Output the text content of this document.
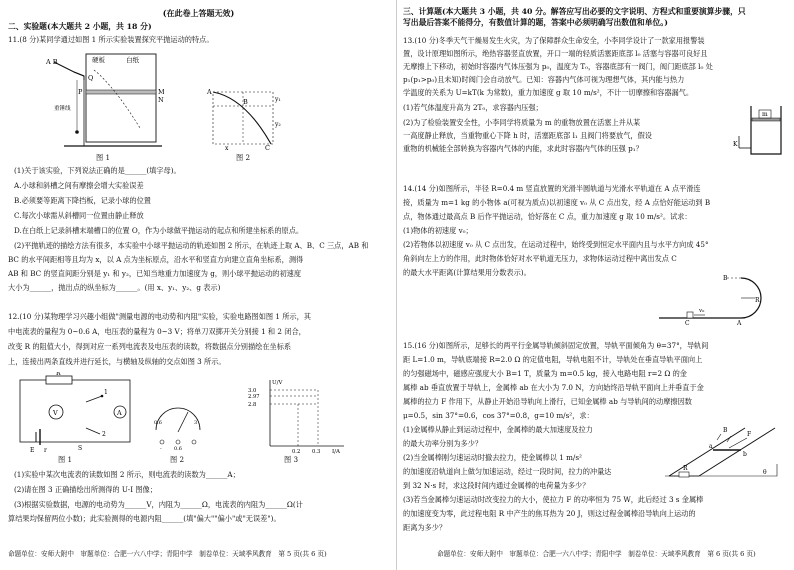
(在此卷上答题无效)
二、实验题(本大题共 2 小题，共 18 分)
11.(8 分)某同学通过如图 1 所示实验装置探究平抛运动的特点。
A B	硬板	白纸
P
Q
M
N
重锤线
图 1
A
B
C
y₁
y₂
x
图 2
(1)关于该实验，下列说法正确的是______(填字母)。
A.小球和斜槽之间有摩擦会增大实验误差
B.必须要等距离下降挡板，记录小球的位置
C.每次小球需从斜槽同一位置由静止释放
D.在白纸上记录斜槽末端槽口的位置 O，作为小球做平抛运动的起点和所建坐标系的原点。
(2)平抛轨迹的描绘方法有很多，本实验中小球平抛运动的轨迹如图 2 所示，在轨迹上取 A、B、C 三点，AB 和
BC 的水平间距相等且均为 x，以 A 点为坐标原点，沿水平和竖直方向建立直角坐标系，测得
AB 和 BC 的竖直间距分别是 y₁ 和 y₂，已知当地重力加速度为 g，则小球平抛运动的初速度
大小为______，抛出点的纵坐标为______。(用 x、y₁、y₂、g 表示)
12.(10 分)某物理学习兴趣小组做"测量电源的电动势和内阻"实验，实验电路图如图 1 所示，其
中电流表的量程为 0~0.6 A，电压表的量程为 0~3 V；将单刀双掷开关分别接 1 和 2 闭合，
改变 R 的阻值大小，得到对应一系列电流表及电压表的读数，将数据点分别描绘在坐标系
上，连接出两条直线并进行延长，与横轴及纵轴的交点如图 3 所示。
R
V	A
E r
1
2
S
图 1
0.6	3
- 0.6
图 2
3.0
2.97
2.8
0.2 0.3
U/V
I/A
图 3
(1)实验中某次电流表的读数如图 2 所示，则电流表的读数为______A；
(2)请在图 3 正确描绘出所测得的 U-I 图像；
(3)根据实验数据，电源的电动势为______V，内阻为______Ω，电流表的内阻为______Ω(计
算结果均保留两位小数)；此实验测得的电源内阻______(填"偏大""偏小"或"无误差")。
命题单位：安师大附中　审题单位：合肥一六八中学；青阳中学　制卷单位：天域季风教育　第 5 页(共 6 页)
三、计算题(本大题共 3 小题，共 40 分。解答应写出必要的文字说明、方程式和重要演算步骤，只
写出最后答案不能得分，有数值计算的题，答案中必须明确写出数值和单位。)
13.(10 分)冬季天气干燥易发生火灾，为了保障群众生命安全，小李同学设计了一款家用报警装
置，设计原理如图所示，绝热容器竖直放置，开口一端的轻质活塞距底部 l₀ 活塞与容器可良好且
无摩擦上下移动，初始时容器内气体压强为 p₀，温度为 T₀，容器底部有一阀门，阀门距底部 l₀ 处
p₁(p₁>p₀)且未知)时阀门会自动放气。已知：容器内气体可视为理想气体，其内能与热力
学温度的关系为 U=kT(k 为常数)，重力加速度 g 取 10 m/s²，不计一切摩擦和容器漏气。
(1)若气体温度升高为 2T₀，求容器内压强；
(2)为了检验装置安全性，小李同学将质量为 m 的重物放置在活塞上并从某
一高度静止释放，当重物重心下降 h 时，活塞距底部 l₁ 且阀门将要放气，假设
重物的机械能全部转换为容器内气体的内能，求此时容器内气体的压强 p₁？
m
K
14.(14 分)如图所示，半径 R=0.4 m 竖直放置的光滑半圆轨道与光滑水平轨道在 A 点平滑连
接，质量为 m=1 kg 的小物体 a(可视为质点)以初速度 v₀ 从 C 点出发，经 A 点恰好能运动到 B
点，物体通过最高点 B 后作平抛运动，恰好落在 C 点，重力加速度 g 取 10 m/s²。试求：
(1)物体的初速度 v₀；
(2)若物体以初速度 v₀ 从 C 点出发，在运动过程中，始终受到恒定水平面内且与水平方向成 45°
角斜向左上方的作用，此时物体恰好对水平轨道无压力，求物体运动过程中离出发点 C
的最大水平距离(计算结果用分数表示)。
B
C	A
R
v₀
15.(16 分)如图所示，足够长的两平行金属导轨倾斜固定放置，导轨平面倾角为 θ=37°，导轨间
距 L=1.0 m，导轨底端接 R=2.0 Ω 的定值电阻，导轨电阻不计，导轨处在垂直导轨平面向上
的匀强磁场中，磁感应强度大小 B=1 T，质量为 m=0.5 kg，接入电路电阻 r=2 Ω 的金
属棒 ab 垂直放置于导轨上，金属棒 ab 在大小为 7.0 N，方向始终沿导轨平面向上并垂直于金
属棒的拉力 F 作用下，从静止开始沿导轨向上滑行，已知金属棒 ab 与导轨间的动摩擦因数
μ=0.5，sin 37°=0.6，cos 37°=0.8，g=10 m/s²，求：
(1)金属棒从静止到运动过程中，金属棒的最大加速度及拉力
的最大功率分别为多少？
(2)当金属棒刚匀速运动时撤去拉力，使金属棒以 1 m/s²
的加速度沿轨道向上做匀加速运动，经过一段时间，拉力的冲量达
到 32 N·s 时，求这段时间内通过金属棒的电荷量为多少？
(3)若当金属棒匀速运动时改变拉力的大小，使拉力 F 的功率恒为 75 W，此后经过 3 s 金属棒
的加速度变为零，此过程电阻 R 中产生的焦耳热为 20 J，则这过程金属棒沿导轨向上运动的
距离为多少？
R
a
b
F
θ
B
命题单位：安师大附中　审题单位：合肥一六八中学；青阳中学　制卷单位：天域季风教育　第 6 页(共 6 页)
